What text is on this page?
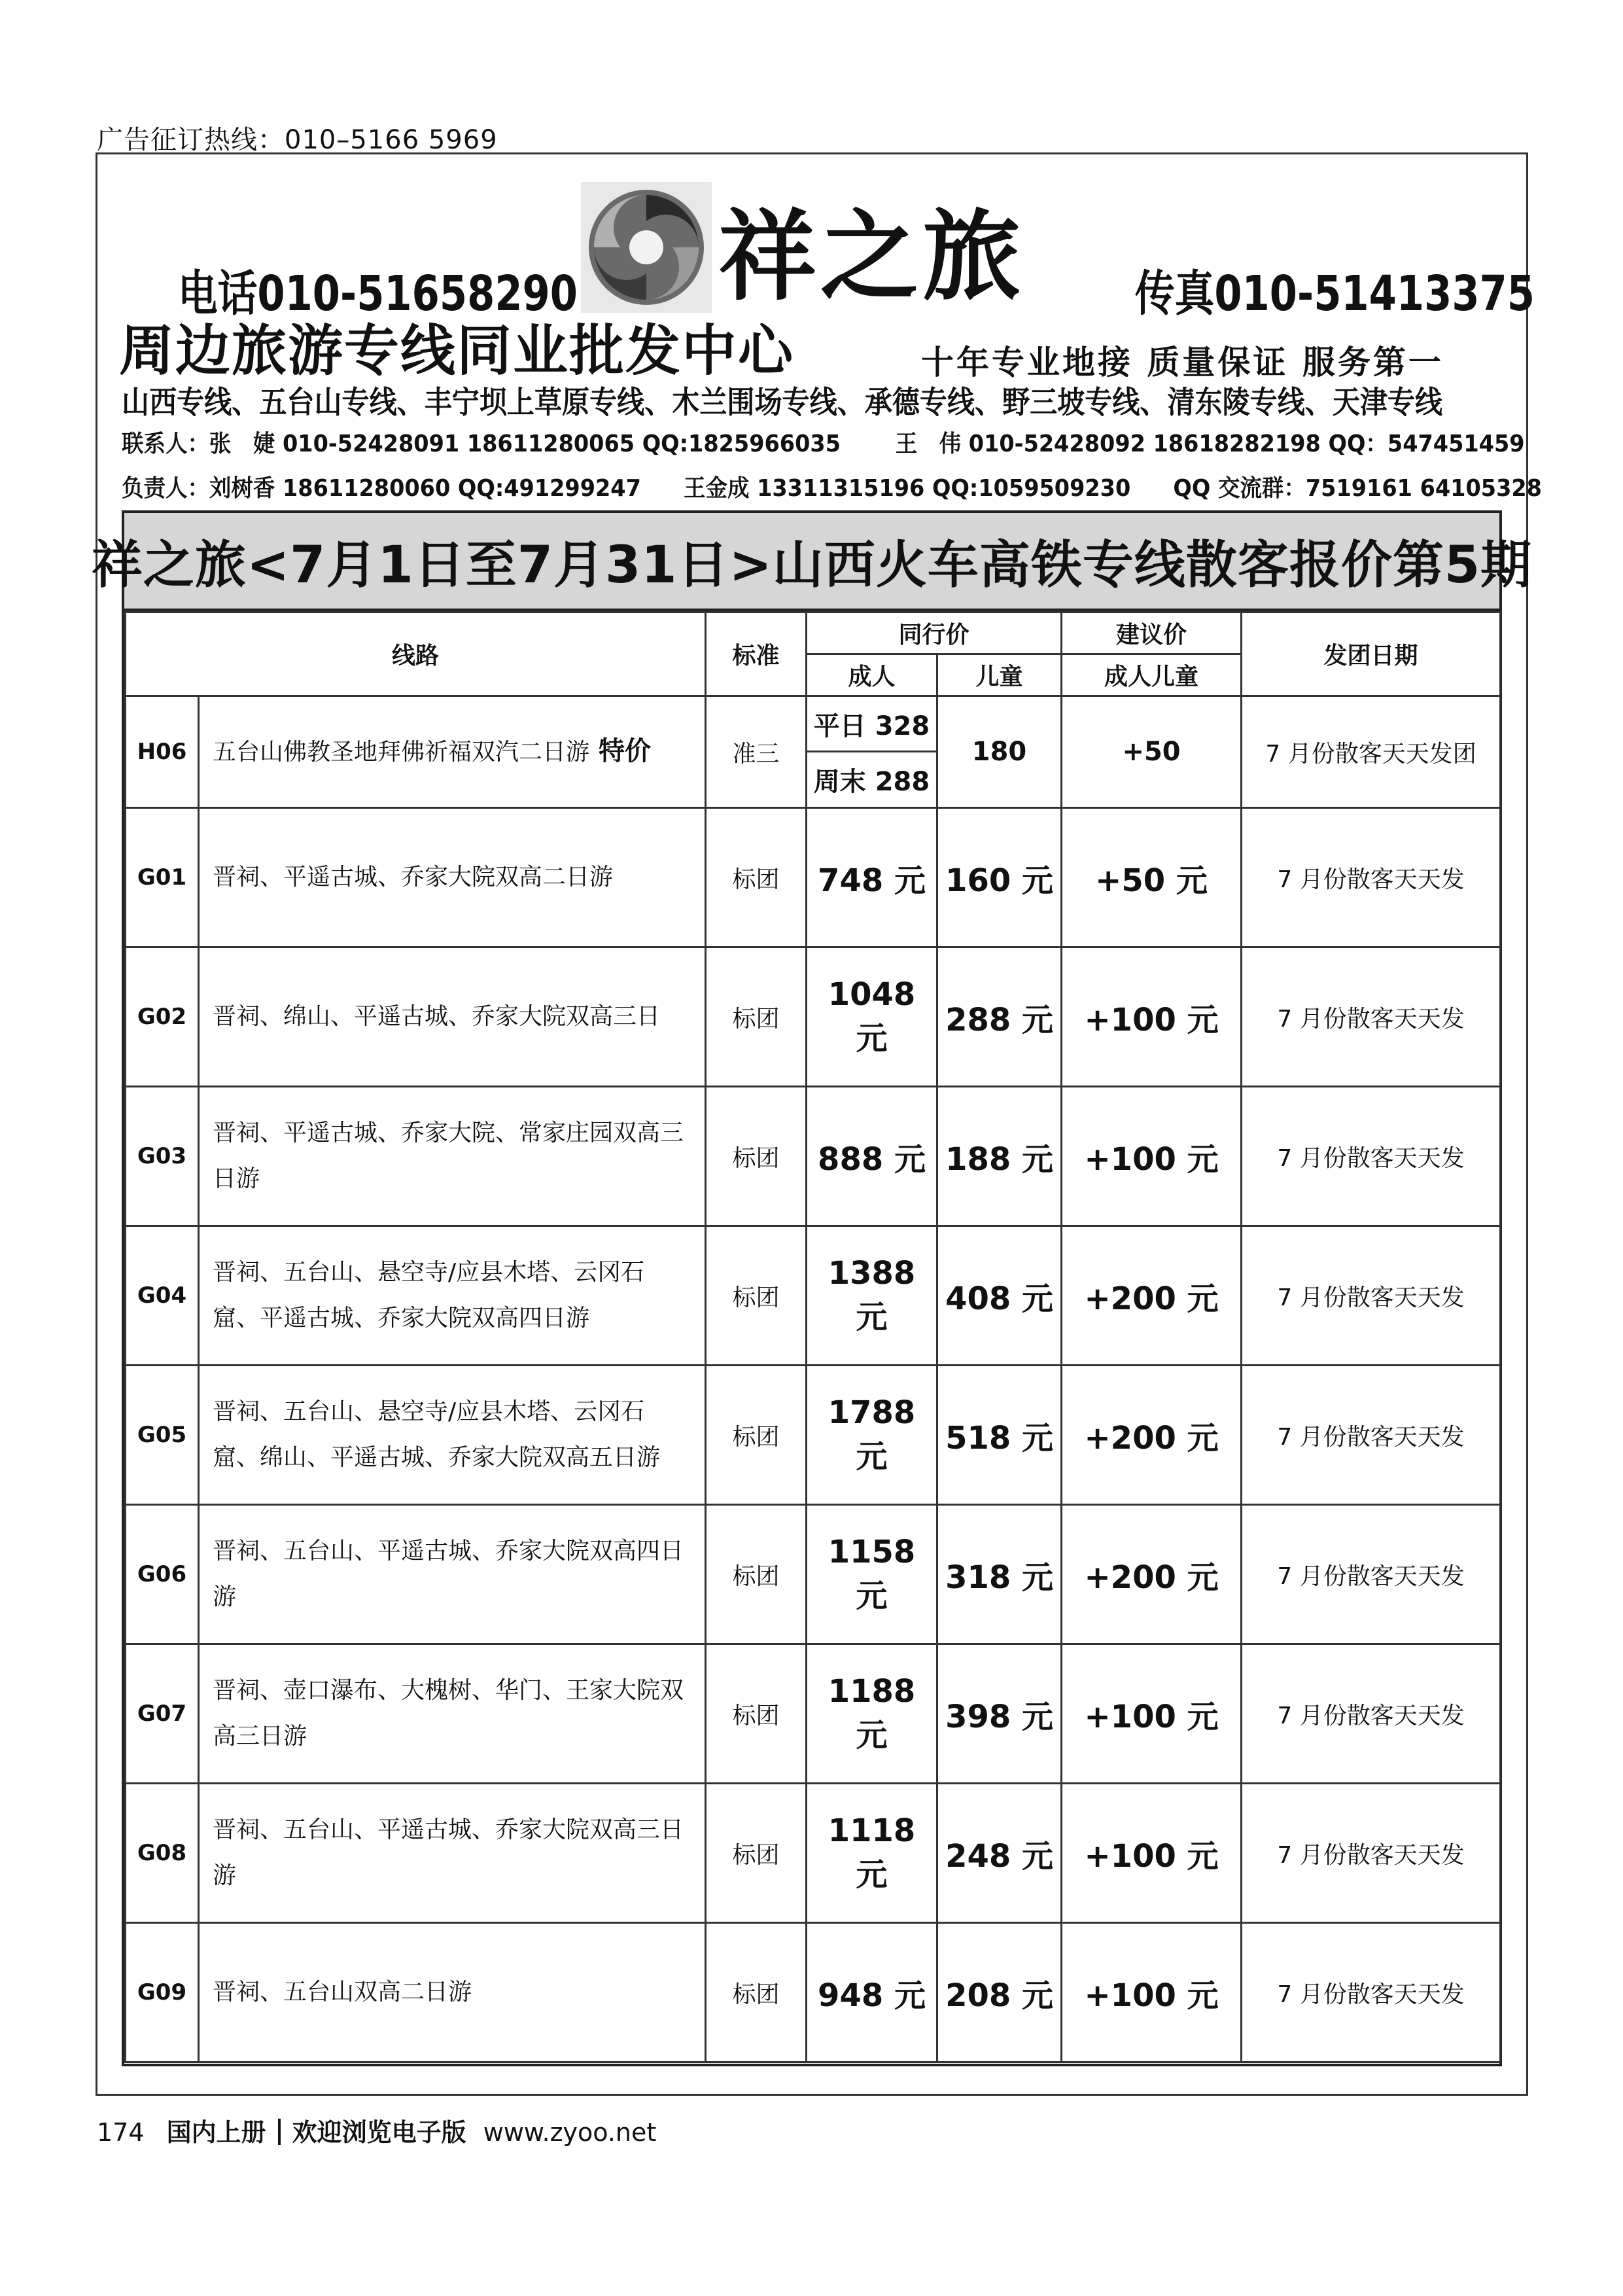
广告征订热线：010–5166 5969
祥之旅
电话010-51658290	传真010-51413375
周边旅游专线同业批发中心	十年专业地接 质量保证 服务第一
山西专线、五台山专线、丰宁坝上草原专线、木兰围场专线、承德专线、野三坡专线、清东陵专线、天津专线
联系人：张　婕 010-52428091 18611280065 QQ:1825966035 王　伟 010-52428092 18618282198 QQ：547451459
负责人：刘树香 18611280060 QQ:491299247 王金成 13311315196 QQ:1059509230 QQ 交流群：7519161 64105328
祥之旅<7月1日至7月31日>山西火车高铁专线散客报价第5期
线路		标准	同行价		建议价	发团日期
			成人	儿童	成人儿童	
H06	五台山佛教圣地拜佛祈福双汽二日游 特价	准三	平日 328	180	+50	7 月份散客天天发团
			周末 288			
G01	晋祠、平遥古城、乔家大院双高二日游	标团	748 元	160 元	+50 元	7 月份散客天天发
G02	晋祠、绵山、平遥古城、乔家大院双高三日	标团	1048 元	288 元	+100 元	7 月份散客天天发
G03	晋祠、平遥古城、乔家大院、常家庄园双高三日游	标团	888 元	188 元	+100 元	7 月份散客天天发
G04	晋祠、五台山、悬空寺/应县木塔、云冈石窟、平遥古城、乔家大院双高四日游	标团	1388 元	408 元	+200 元	7 月份散客天天发
G05	晋祠、五台山、悬空寺/应县木塔、云冈石窟、绵山、平遥古城、乔家大院双高五日游	标团	1788 元	518 元	+200 元	7 月份散客天天发
G06	晋祠、五台山、平遥古城、乔家大院双高四日游	标团	1158 元	318 元	+200 元	7 月份散客天天发
G07	晋祠、壶口瀑布、大槐树、华门、王家大院双高三日游	标团	1188 元	398 元	+100 元	7 月份散客天天发
G08	晋祠、五台山、平遥古城、乔家大院双高三日游	标团	1118 元	248 元	+100 元	7 月份散客天天发
G09	晋祠、五台山双高二日游	标团	948 元	208 元	+100 元	7 月份散客天天发
174 国内上册 欢迎浏览电子版 www.zyoo.net
